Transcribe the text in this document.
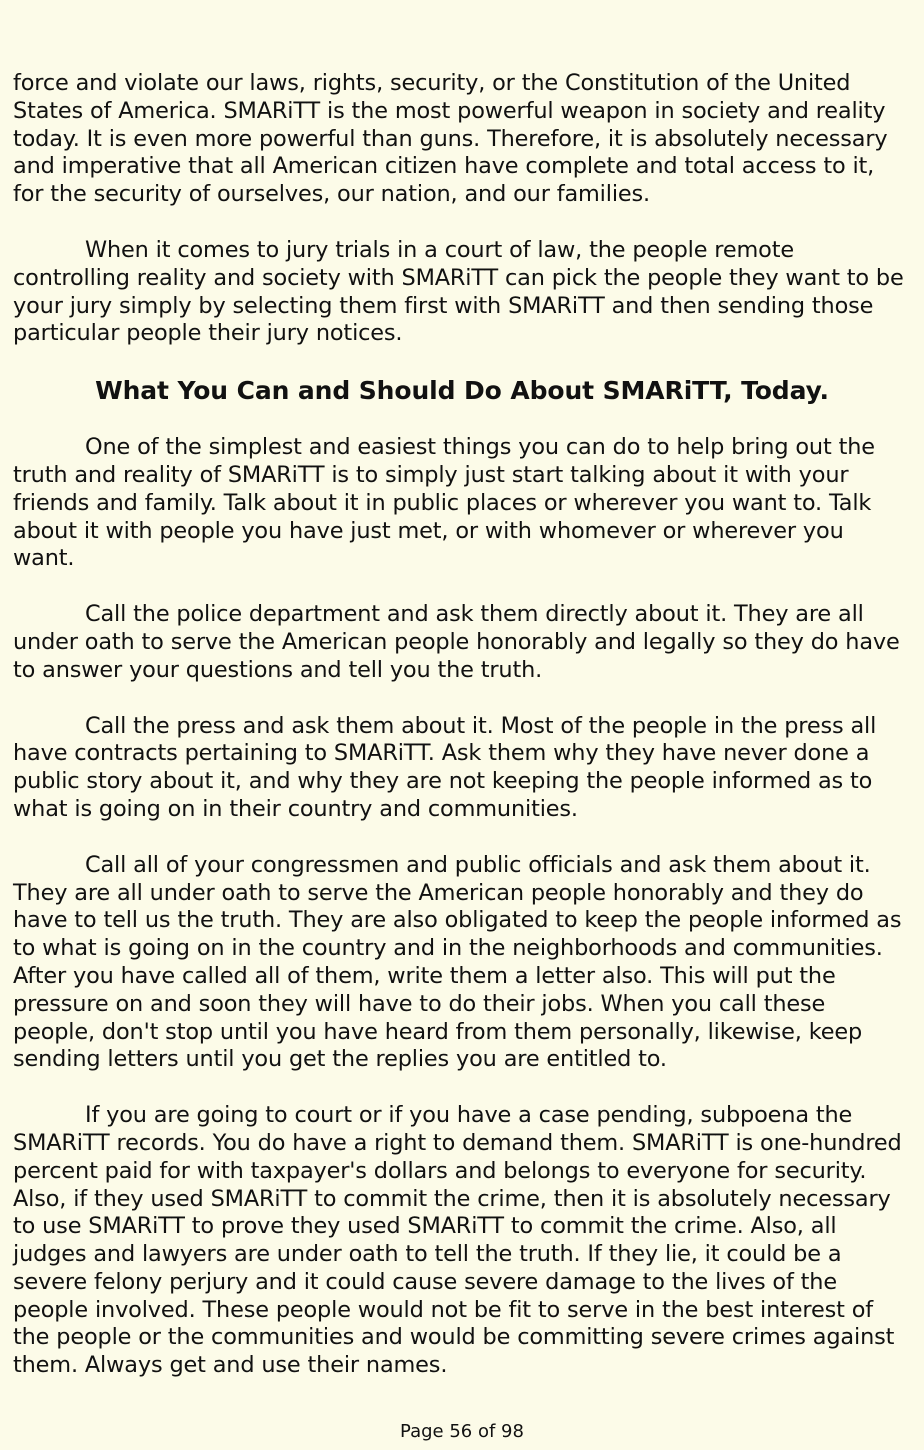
force and violate our laws, rights, security, or the Constitution of the United States of America. SMARiTT is the most powerful weapon in society and reality today. It is even more powerful than guns. Therefore, it is absolutely necessary and imperative that all American citizen have complete and total access to it, for the security of ourselves, our nation, and our families.

When it comes to jury trials in a court of law, the people remote controlling reality and society with SMARiTT can pick the people they want to be your jury simply by selecting them first with SMARiTT and then sending those particular people their jury notices.

What You Can and Should Do About SMARiTT, Today.

One of the simplest and easiest things you can do to help bring out the truth and reality of SMARiTT is to simply just start talking about it with your friends and family. Talk about it in public places or wherever you want to. Talk about it with people you have just met, or with whomever or wherever you want.

Call the police department and ask them directly about it. They are all under oath to serve the American people honorably and legally so they do have to answer your questions and tell you the truth.

Call the press and ask them about it. Most of the people in the press all have contracts pertaining to SMARiTT. Ask them why they have never done a public story about it, and why they are not keeping the people informed as to what is going on in their country and communities.

Call all of your congressmen and public officials and ask them about it. They are all under oath to serve the American people honorably and they do have to tell us the truth. They are also obligated to keep the people informed as to what is going on in the country and in the neighborhoods and communities. After you have called all of them, write them a letter also. This will put the pressure on and soon they will have to do their jobs. When you call these people, don't stop until you have heard from them personally, likewise, keep sending letters until you get the replies you are entitled to.

If you are going to court or if you have a case pending, subpoena the SMARiTT records. You do have a right to demand them. SMARiTT is one-hundred percent paid for with taxpayer's dollars and belongs to everyone for security. Also, if they used SMARiTT to commit the crime, then it is absolutely necessary to use SMARiTT to prove they used SMARiTT to commit the crime. Also, all judges and lawyers are under oath to tell the truth. If they lie, it could be a severe felony perjury and it could cause severe damage to the lives of the people involved. These people would not be fit to serve in the best interest of the people or the communities and would be committing severe crimes against them. Always get and use their names.

Page 56 of 98
